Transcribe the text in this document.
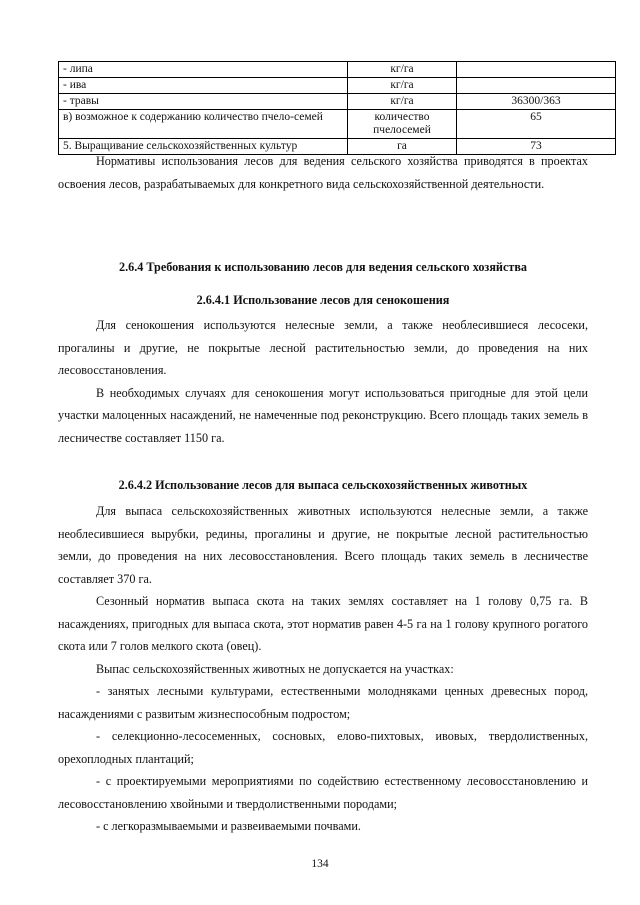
- липа	кг/га	
- ива	кг/га	
- травы	кг/га	36300/363
в) возможное к содержанию количество пчело-семей	количество пчелосемей	65
5. Выращивание сельскохозяйственных культур	га	73

Нормативы использования лесов для ведения сельского хозяйства приводятся в проектах освоения лесов, разрабатываемых для конкретного вида сельскохозяйственной деятельности.

2.6.4 Требования к использованию лесов для ведения сельского хозяйства
2.6.4.1 Использование лесов для сенокошения

Для сенокошения используются нелесные земли, а также необлесившиеся лесосеки, прогалины и другие, не покрытые лесной растительностью земли, до проведения на них лесовосстановления.

В необходимых случаях для сенокошения могут использоваться пригодные для этой цели участки малоценных насаждений, не намеченные под реконструкцию. Всего площадь таких земель в лесничестве составляет 1150 га.

2.6.4.2 Использование лесов для выпаса сельскохозяйственных животных

Для выпаса сельскохозяйственных животных используются нелесные земли, а также необлесившиеся вырубки, редины, прогалины и другие, не покрытые лесной растительностью земли, до проведения на них лесовосстановления. Всего площадь таких земель в лесничестве составляет 370 га.

Сезонный норматив выпаса скота на таких землях составляет на 1 голову 0,75 га. В насаждениях, пригодных для выпаса скота, этот норматив равен 4-5 га на 1 голову крупного рогатого скота или 7 голов мелкого скота (овец).

Выпас сельскохозяйственных животных не допускается на участках:

- занятых лесными культурами, естественными молодняками ценных древесных пород, насаждениями с развитым жизнеспособным подростом;

- селекционно-лесосеменных, сосновых, елово-пихтовых, ивовых, твердолиственных, орехоплодных плантаций;

- с проектируемыми мероприятиями по содействию естественному лесовосстановлению и лесовосстановлению хвойными и твердолиственными породами;

- с легкоразмываемыми и развеиваемыми почвами.

134
